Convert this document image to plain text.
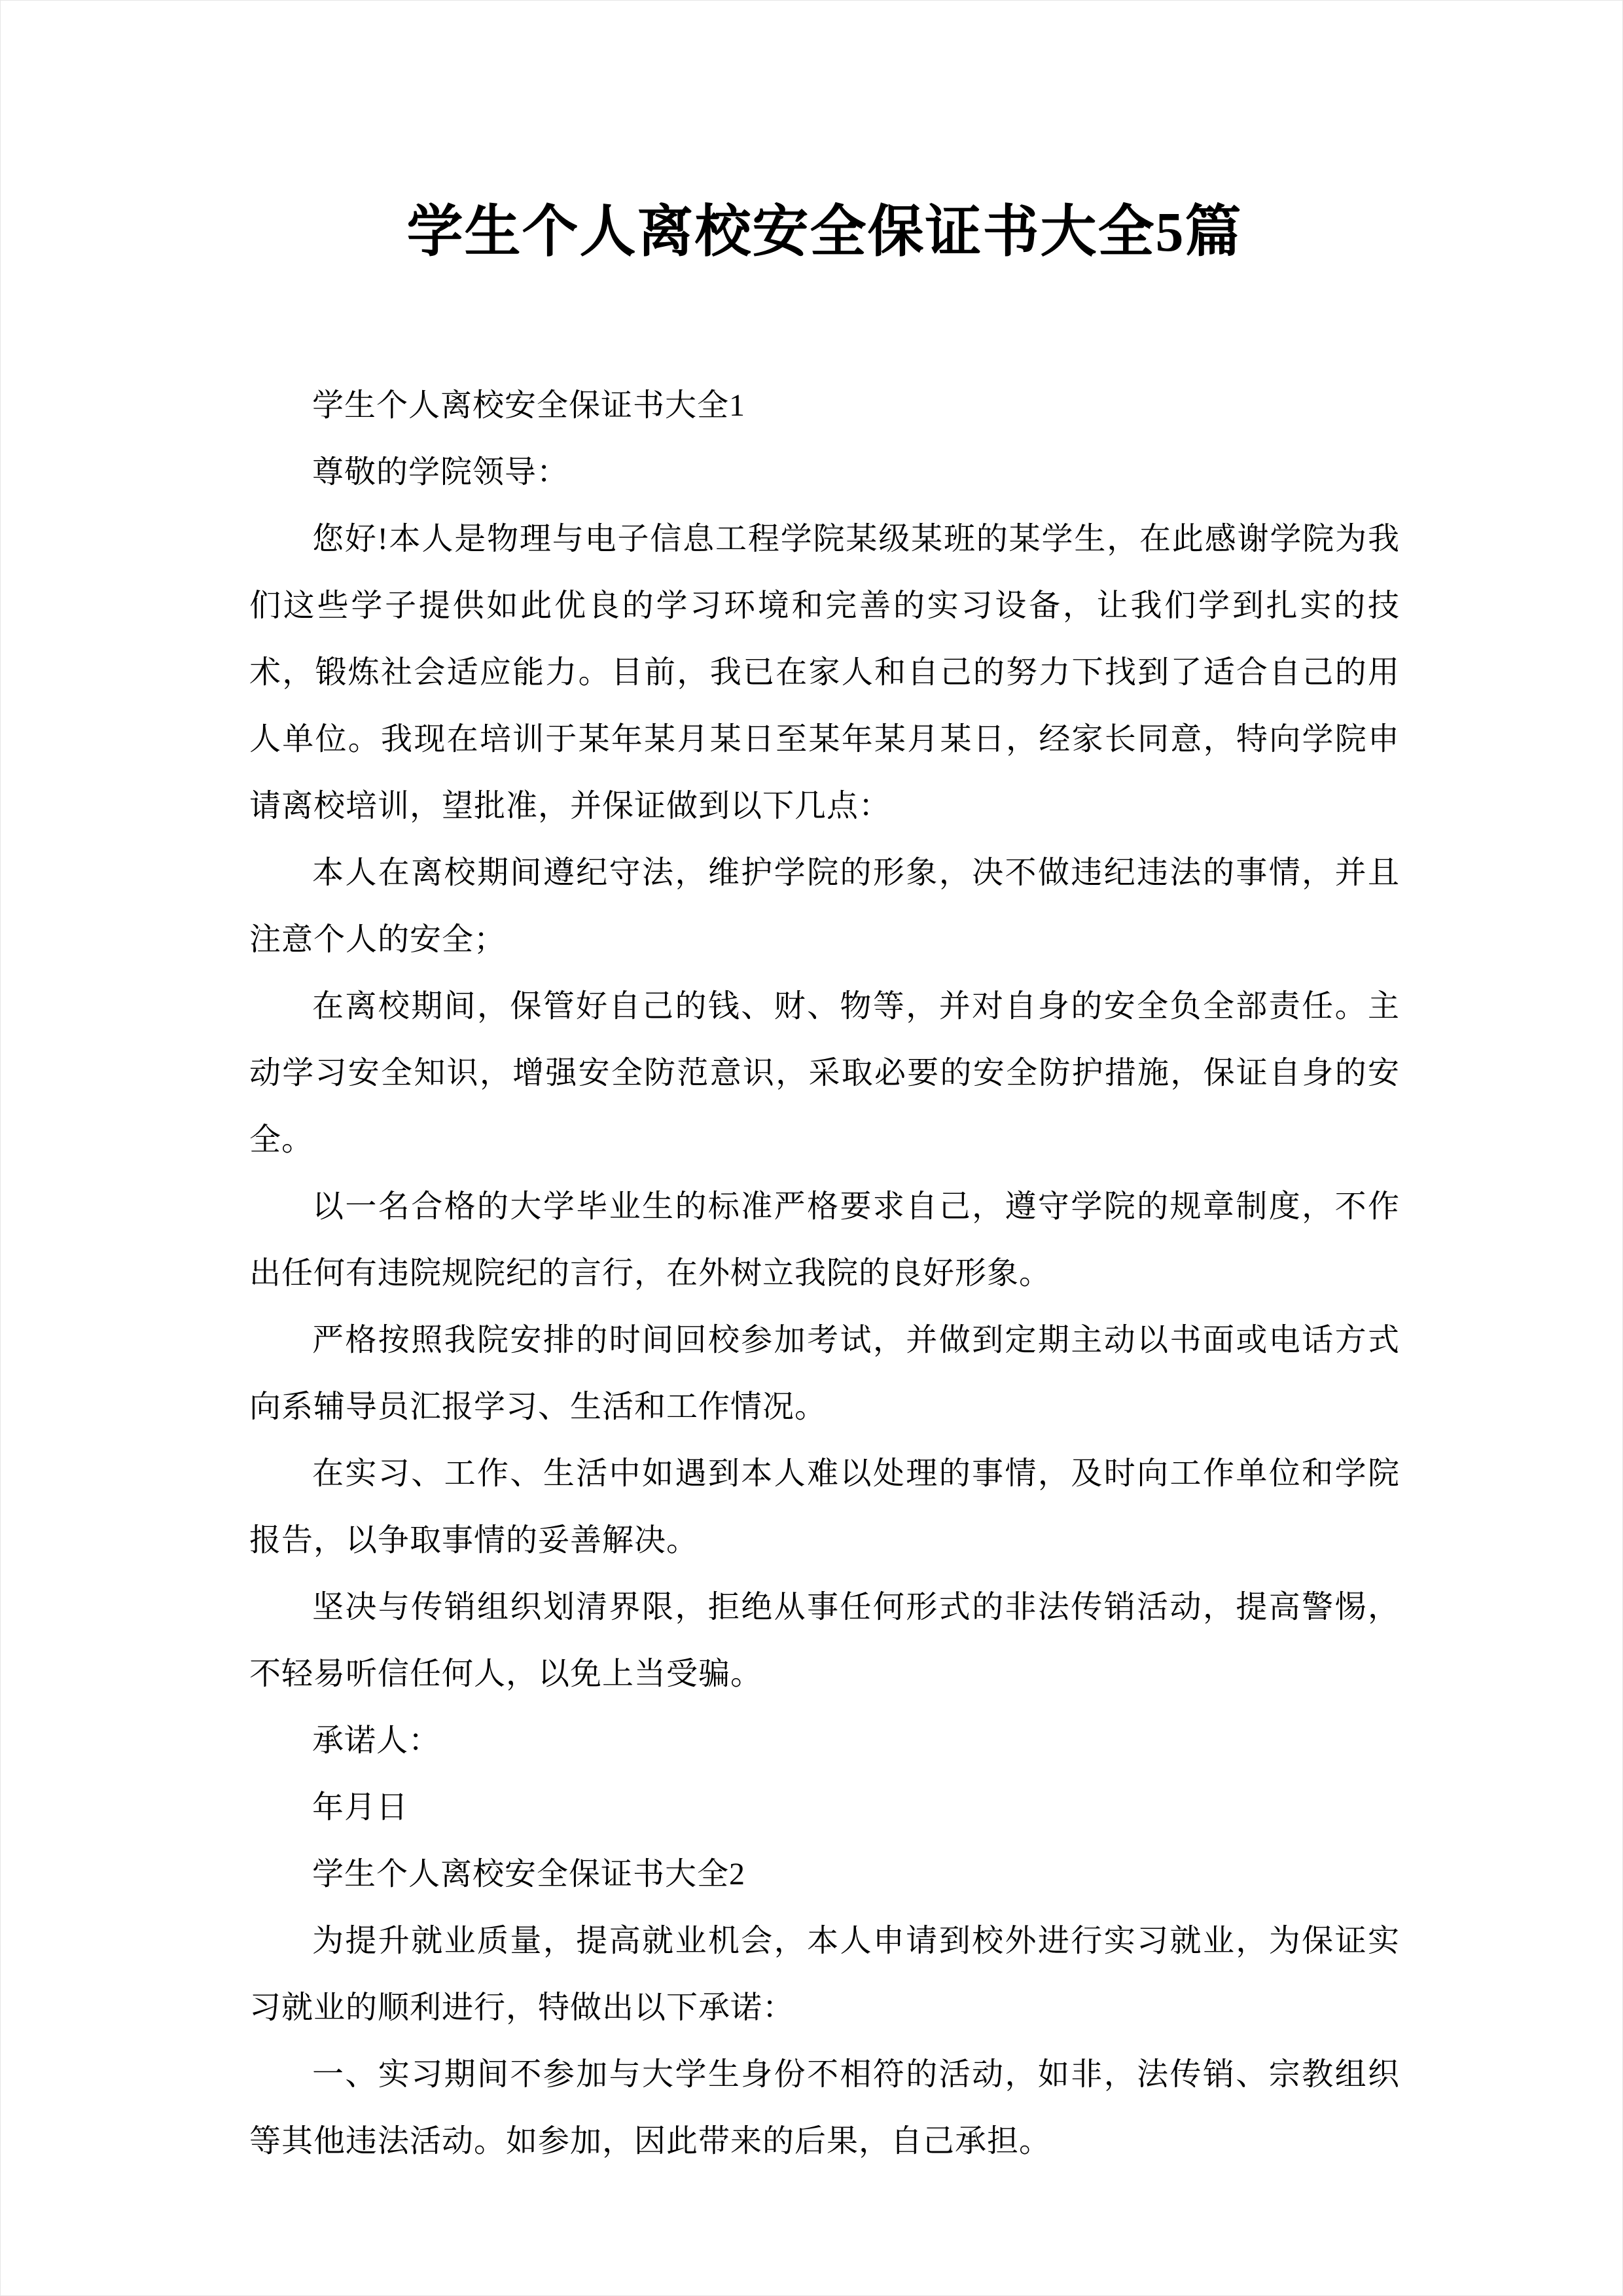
学生个人离校安全保证书大全5篇

学生个人离校安全保证书大全1

尊敬的学院领导：

您好!本人是物理与电子信息工程学院某级某班的某学生，在此感谢学院为我们这些学子提供如此优良的学习环境和完善的实习设备，让我们学到扎实的技术，锻炼社会适应能力。目前，我已在家人和自己的努力下找到了适合自己的用人单位。我现在培训于某年某月某日至某年某月某日，经家长同意，特向学院申请离校培训，望批准，并保证做到以下几点：

本人在离校期间遵纪守法，维护学院的形象，决不做违纪违法的事情，并且注意个人的安全；

在离校期间，保管好自己的钱、财、物等，并对自身的安全负全部责任。主动学习安全知识，增强安全防范意识，采取必要的安全防护措施，保证自身的安全。

以一名合格的大学毕业生的标准严格要求自己，遵守学院的规章制度，不作出任何有违院规院纪的言行，在外树立我院的良好形象。

严格按照我院安排的时间回校参加考试，并做到定期主动以书面或电话方式向系辅导员汇报学习、生活和工作情况。

在实习、工作、生活中如遇到本人难以处理的事情，及时向工作单位和学院报告，以争取事情的妥善解决。

坚决与传销组织划清界限，拒绝从事任何形式的非法传销活动，提高警惕，不轻易听信任何人，以免上当受骗。

承诺人：

年月日

学生个人离校安全保证书大全2

为提升就业质量，提高就业机会，本人申请到校外进行实习就业，为保证实习就业的顺利进行，特做出以下承诺：

一、实习期间不参加与大学生身份不相符的活动，如非，法传销、宗教组织等其他违法活动。如参加，因此带来的后果，自己承担。
